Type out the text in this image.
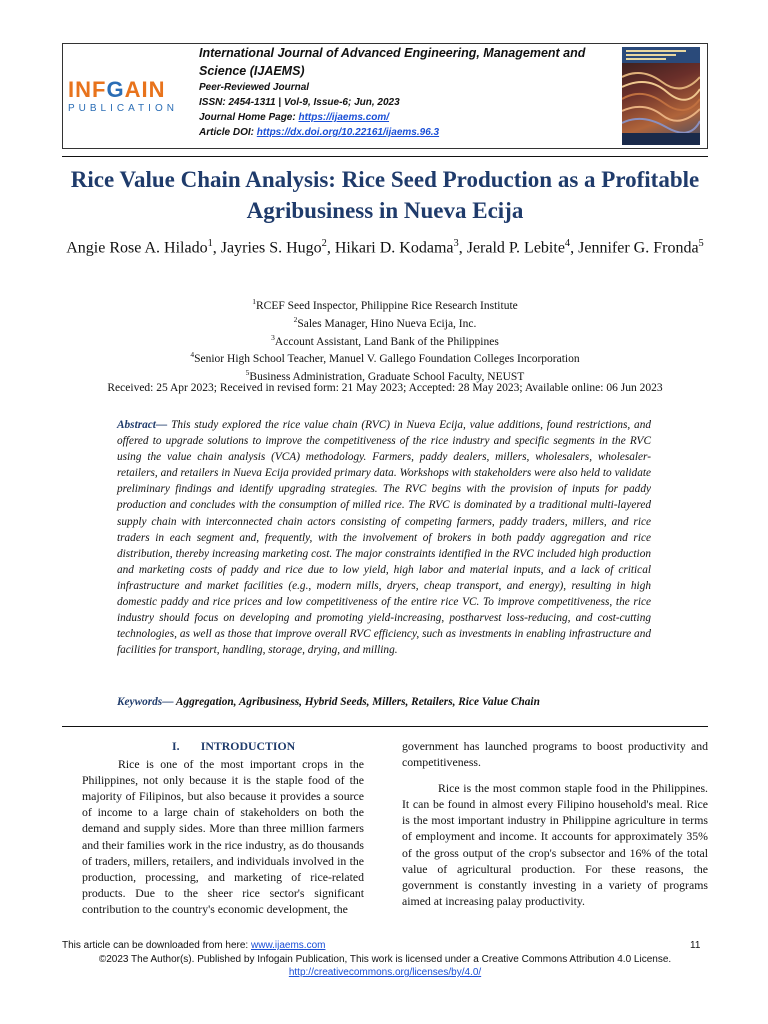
INFGAIN
PUBLICATION
International Journal of Advanced Engineering, Management and Science (IJAEMS)
Peer-Reviewed Journal
ISSN: 2454-1311 | Vol-9, Issue-6; Jun, 2023
Journal Home Page: https://ijaems.com/
Article DOI: https://dx.doi.org/10.22161/ijaems.96.3
Rice Value Chain Analysis: Rice Seed Production as a Profitable Agribusiness in Nueva Ecija
Angie Rose A. Hilado$^1$, Jayries S. Hugo$^2$, Hikari D. Kodama$^3$, Jerald P. Lebite$^4$, Jennifer G. Fronda$^5$
$^1$RCEF Seed Inspector, Philippine Rice Research Institute
$^2$Sales Manager, Hino Nueva Ecija, Inc.
$^3$Account Assistant, Land Bank of the Philippines
$^4$Senior High School Teacher, Manuel V. Gallego Foundation Colleges Incorporation
$^5$Business Administration, Graduate School Faculty, NEUST
Received: 25 Apr 2023; Received in revised form: 21 May 2023; Accepted: 28 May 2023; Available online: 06 Jun 2023
Abstract— This study explored the rice value chain (RVC) in Nueva Ecija, value additions, found restrictions, and offered to upgrade solutions to improve the competitiveness of the rice industry and specific segments in the RVC using the value chain analysis (VCA) methodology. Farmers, paddy dealers, millers, wholesalers, wholesaler-retailers, and retailers in Nueva Ecija provided primary data. Workshops with stakeholders were also held to validate preliminary findings and identify upgrading strategies. The RVC begins with the provision of inputs for paddy production and concludes with the consumption of milled rice. The RVC is dominated by a traditional multi-layered supply chain with interconnected chain actors consisting of competing farmers, paddy traders, millers, and rice traders in each segment and, frequently, with the involvement of brokers in both paddy aggregation and rice distribution, thereby increasing marketing cost. The major constraints identified in the RVC included high production and marketing costs of paddy and rice due to low yield, high labor and material inputs, and a lack of critical infrastructure and market facilities (e.g., modern mills, dryers, cheap transport, and energy), resulting in high domestic paddy and rice prices and low competitiveness of the entire rice VC. To improve competitiveness, the rice industry should focus on developing and promoting yield-increasing, postharvest loss-reducing, and cost-cutting technologies, as well as those that improve overall RVC efficiency, such as investments in enabling infrastructure and facilities for transport, handling, storage, drying, and milling.
Keywords— Aggregation, Agribusiness, Hybrid Seeds, Millers, Retailers, Rice Value Chain
I. INTRODUCTION

Rice is one of the most important crops in the Philippines, not only because it is the staple food of the majority of Filipinos, but also because it provides a source of income to a large chain of stakeholders on both the demand and supply sides. More than three million farmers and their families work in the rice industry, as do thousands of traders, millers, retailers, and individuals involved in the production, processing, and marketing of rice-related products. Due to the sheer rice sector's significant contribution to the country's economic development, the

government has launched programs to boost productivity and competitiveness.

Rice is the most common staple food in the Philippines. It can be found in almost every Filipino household's meal. Rice is the most important industry in Philippine agriculture in terms of employment and income. It accounts for approximately 35% of the gross output of the crop's subsector and 16% of the total value of agricultural production. For these reasons, the government is constantly investing in a variety of programs aimed at increasing palay productivity.

This article can be downloaded from here: www.ijaems.com	11
©2023 The Author(s). Published by Infogain Publication, This work is licensed under a Creative Commons Attribution 4.0 License.
http://creativecommons.org/licenses/by/4.0/
